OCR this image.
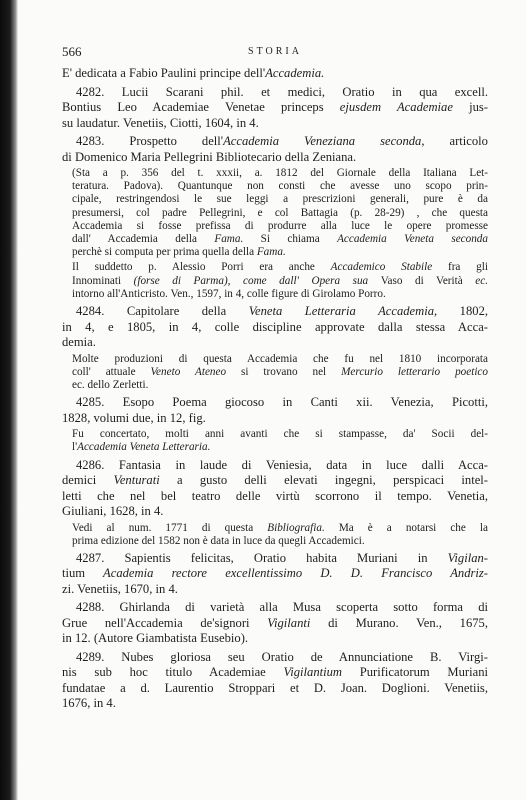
566	STORIA

E' dedicata a Fabio Paulini principe dell'Accademia.

4282. Lucii Scarani phil. et medici, Oratio in qua excell.
Bontius Leo Academiae Venetae princeps ejusdem Academiae jus-
su laudatur. Venetiis, Ciotti, 1604, in 4.

4283. Prospetto dell'Accademia Veneziana seconda, articolo
di Domenico Maria Pellegrini Bibliotecario della Zeniana.

(Sta a p. 356 del t. xxxii, a. 1812 del Giornale della Italiana Let-
teratura. Padova). Quantunque non consti che avesse uno scopo prin-
cipale, restringendosi le sue leggi a prescrizioni generali, pure è da
presumersi, col padre Pellegrini, e col Battagia (p. 28-29) , che questa
Accademia si fosse prefissa di produrre alla luce le opere promesse
dall' Accademia della Fama. Si chiama Accademia Veneta seconda
perchè si computa per prima quella della Fama.

Il suddetto p. Alessio Porri era anche Accademico Stabile fra gli
Innominati (forse di Parma), come dall' Opera sua Vaso di Verità ec.
intorno all'Anticristo. Ven., 1597, in 4, colle figure di Girolamo Porro.

4284. Capitolare della Veneta Letteraria Accademia, 1802,
in 4, e 1805, in 4, colle discipline approvate dalla stessa Acca-
demia.

Molte produzioni di questa Accademia che fu nel 1810 incorporata
coll' attuale Veneto Ateneo si trovano nel Mercurio letterario poetico
ec. dello Zerletti.

4285. Esopo Poema giocoso in Canti xii. Venezia, Picotti,
1828, volumi due, in 12, fig.

Fu concertato, molti anni avanti che si stampasse, da' Socii del-
l'Accademia Veneta Letteraria.

4286. Fantasia in laude di Veniesia, data in luce dalli Acca-
demici Venturati a gusto delli elevati ingegni, perspicaci intel-
letti che nel bel teatro delle virtù scorrono il tempo. Venetia,
Giuliani, 1628, in 4.

Vedi al num. 1771 di questa Bibliografia. Ma è a notarsi che la
prima edizione del 1582 non è data in luce da quegli Accademici.

4287. Sapientis felicitas, Oratio habita Muriani in Vigilan-
tium Academia rectore excellentissimo D. D. Francisco Andriz-
zi. Venetiis, 1670, in 4.

4288. Ghirlanda di varietà alla Musa scoperta sotto forma di
Grue nell'Accademia de'signori Vigilanti di Murano. Ven., 1675,
in 12. (Autore Giambatista Eusebio).

4289. Nubes gloriosa seu Oratio de Annunciatione B. Virgi-
nis sub hoc titulo Academiae Vigilantium Purificatorum Muriani
fundatae a d. Laurentio Stroppari et D. Joan. Doglioni. Venetiis,
1676, in 4.
